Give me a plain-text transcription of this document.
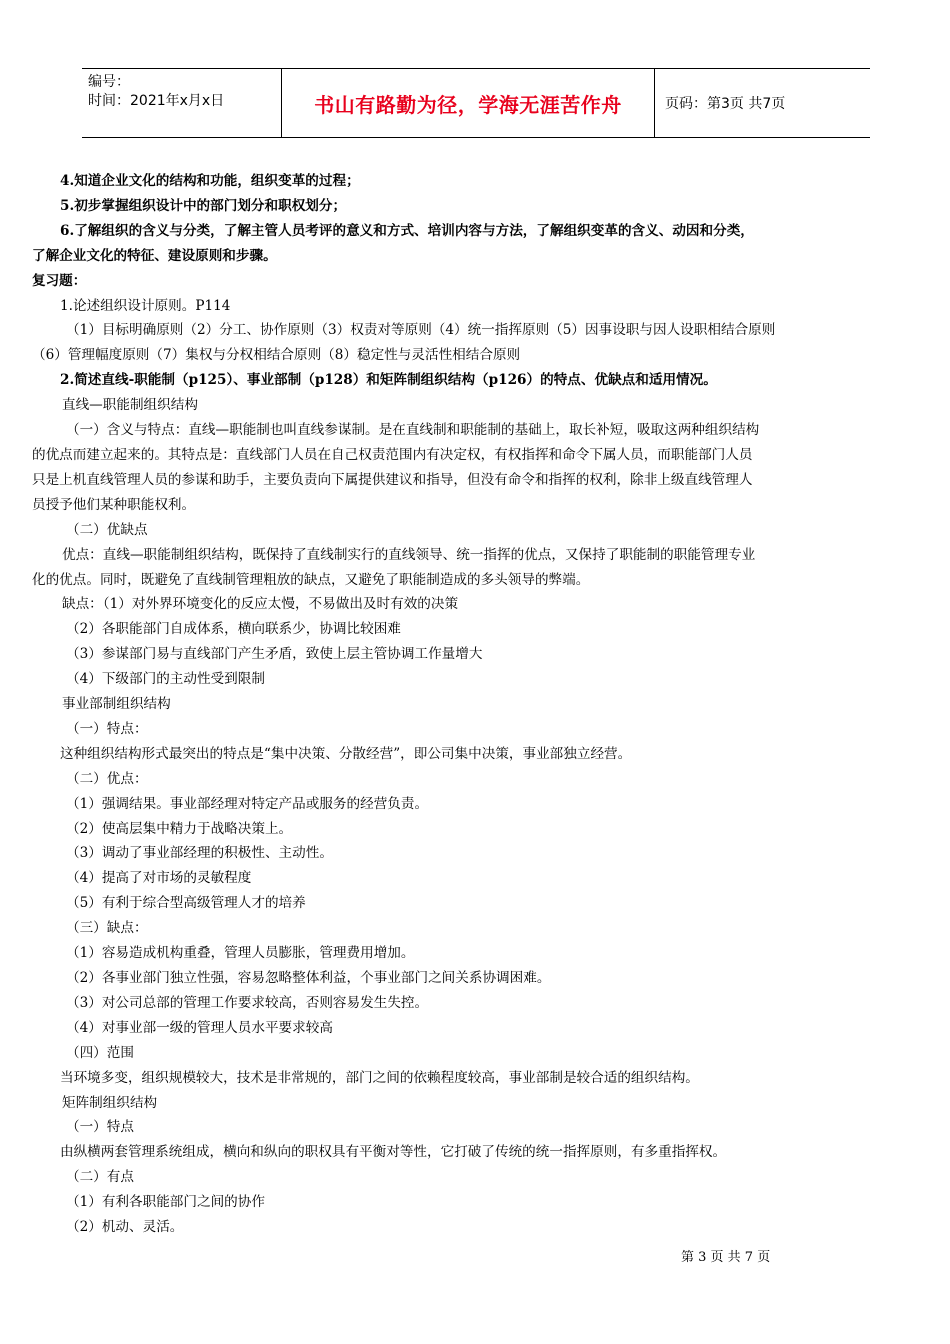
编号：
时间：2021年x月x日	书山有路勤为径，学海无涯苦作舟	页码：第3页 共7页
4.知道企业文化的结构和功能，组织变革的过程；
5.初步掌握组织设计中的部门划分和职权划分；
6.了解组织的含义与分类，了解主管人员考评的意义和方式、培训内容与方法，了解组织变革的含义、动因和分类，
了解企业文化的特征、建设原则和步骤。
复习题：
1.论述组织设计原则。P114
（1）目标明确原则（2）分工、协作原则（3）权责对等原则（4）统一指挥原则（5）因事设职与因人设职相结合原则
（6）管理幅度原则（7）集权与分权相结合原则（8）稳定性与灵活性相结合原则
2.简述直线-职能制（p125）、事业部制（p128）和矩阵制组织结构（p126）的特点、优缺点和适用情况。
直线—职能制组织结构
（一）含义与特点：直线—职能制也叫直线参谋制。是在直线制和职能制的基础上，取长补短，吸取这两种组织结构
的优点而建立起来的。其特点是：直线部门人员在自己权责范围内有决定权，有权指挥和命令下属人员，而职能部门人员
只是上机直线管理人员的参谋和助手，主要负责向下属提供建议和指导，但没有命令和指挥的权利，除非上级直线管理人
员授予他们某种职能权利。
（二）优缺点
优点：直线—职能制组织结构，既保持了直线制实行的直线领导、统一指挥的优点，又保持了职能制的职能管理专业
化的优点。同时，既避免了直线制管理粗放的缺点，又避免了职能制造成的多头领导的弊端。
缺点：（1）对外界环境变化的反应太慢，不易做出及时有效的决策
（2）各职能部门自成体系，横向联系少，协调比较困难
（3）参谋部门易与直线部门产生矛盾，致使上层主管协调工作量增大
（4）下级部门的主动性受到限制
事业部制组织结构
（一）特点：
这种组织结构形式最突出的特点是“集中决策、分散经营”，即公司集中决策，事业部独立经营。
（二）优点：
（1）强调结果。事业部经理对特定产品或服务的经营负责。
（2）使高层集中精力于战略决策上。
（3）调动了事业部经理的积极性、主动性。
（4）提高了对市场的灵敏程度
（5）有利于综合型高级管理人才的培养
（三）缺点：
（1）容易造成机构重叠，管理人员膨胀，管理费用增加。
（2）各事业部门独立性强，容易忽略整体利益，个事业部门之间关系协调困难。
（3）对公司总部的管理工作要求较高，否则容易发生失控。
（4）对事业部一级的管理人员水平要求较高
（四）范围
当环境多变，组织规模较大，技术是非常规的，部门之间的依赖程度较高，事业部制是较合适的组织结构。
矩阵制组织结构
（一）特点
由纵横两套管理系统组成，横向和纵向的职权具有平衡对等性，它打破了传统的统一指挥原则，有多重指挥权。
（二）有点
（1）有利各职能部门之间的协作
（2）机动、灵活。
第 3 页 共 7 页
